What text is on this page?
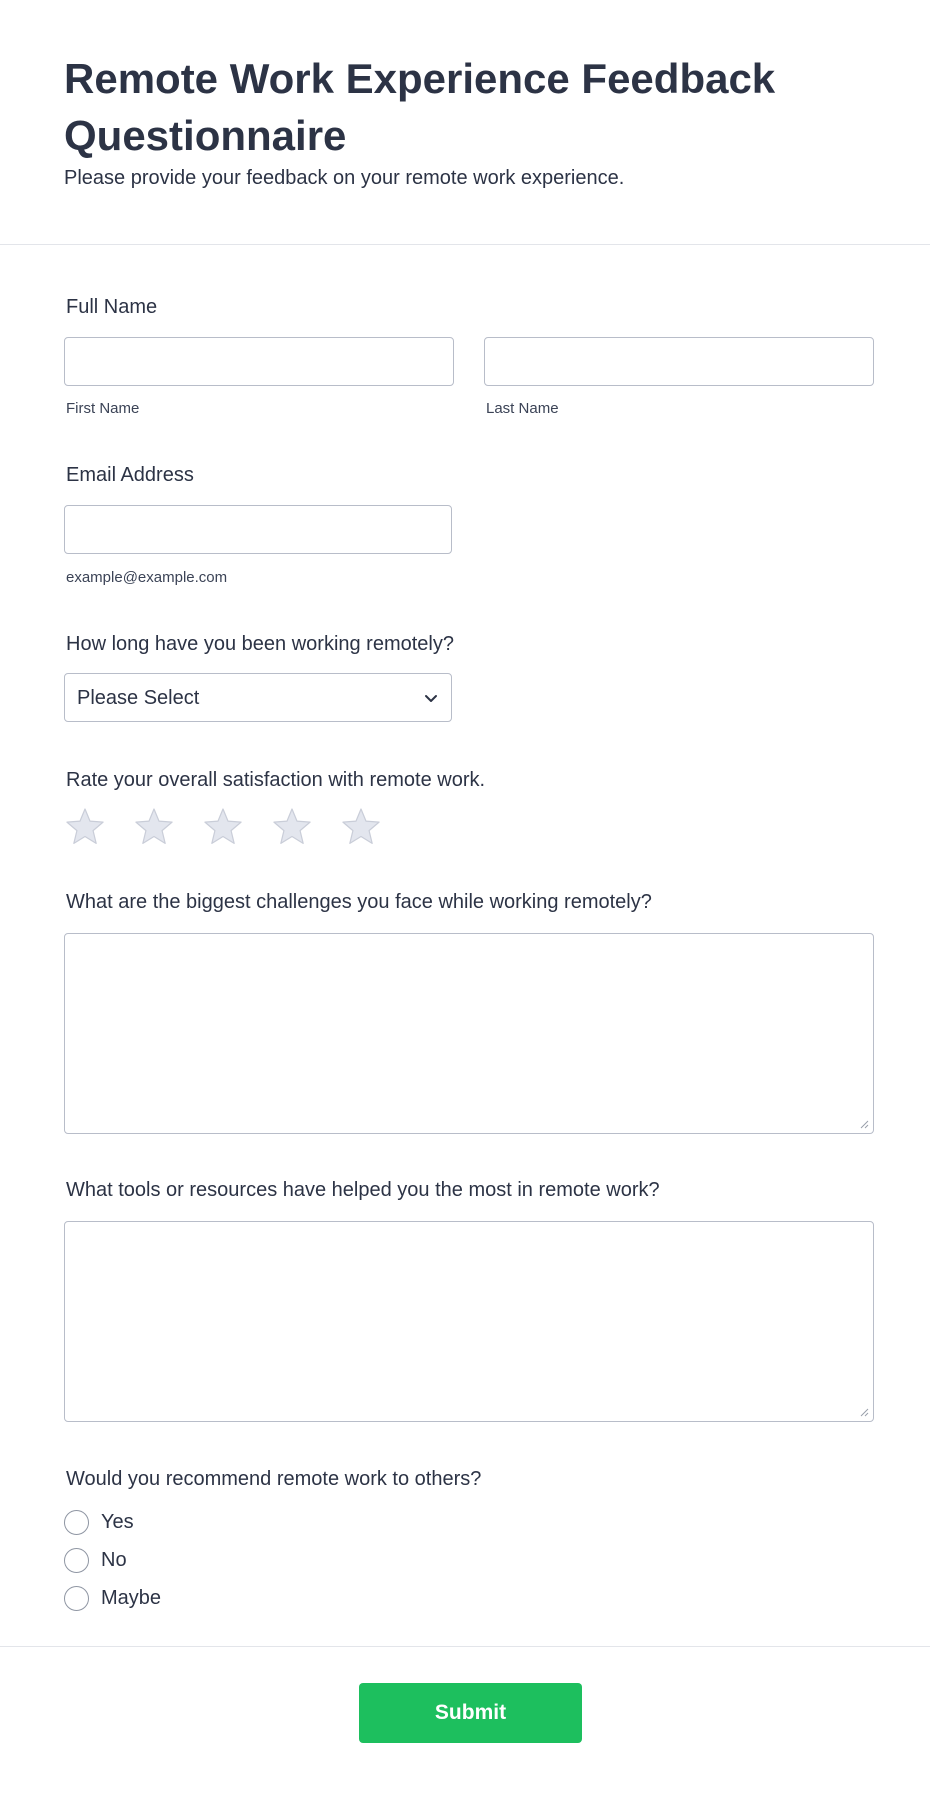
Remote Work Experience Feedback Questionnaire
Please provide your feedback on your remote work experience.
Full Name
First Name	Last Name
Email Address
example@example.com
How long have you been working remotely?
Please Select
Rate your overall satisfaction with remote work.
What are the biggest challenges you face while working remotely?
What tools or resources have helped you the most in remote work?
Would you recommend remote work to others?
Yes
No
Maybe
Submit
